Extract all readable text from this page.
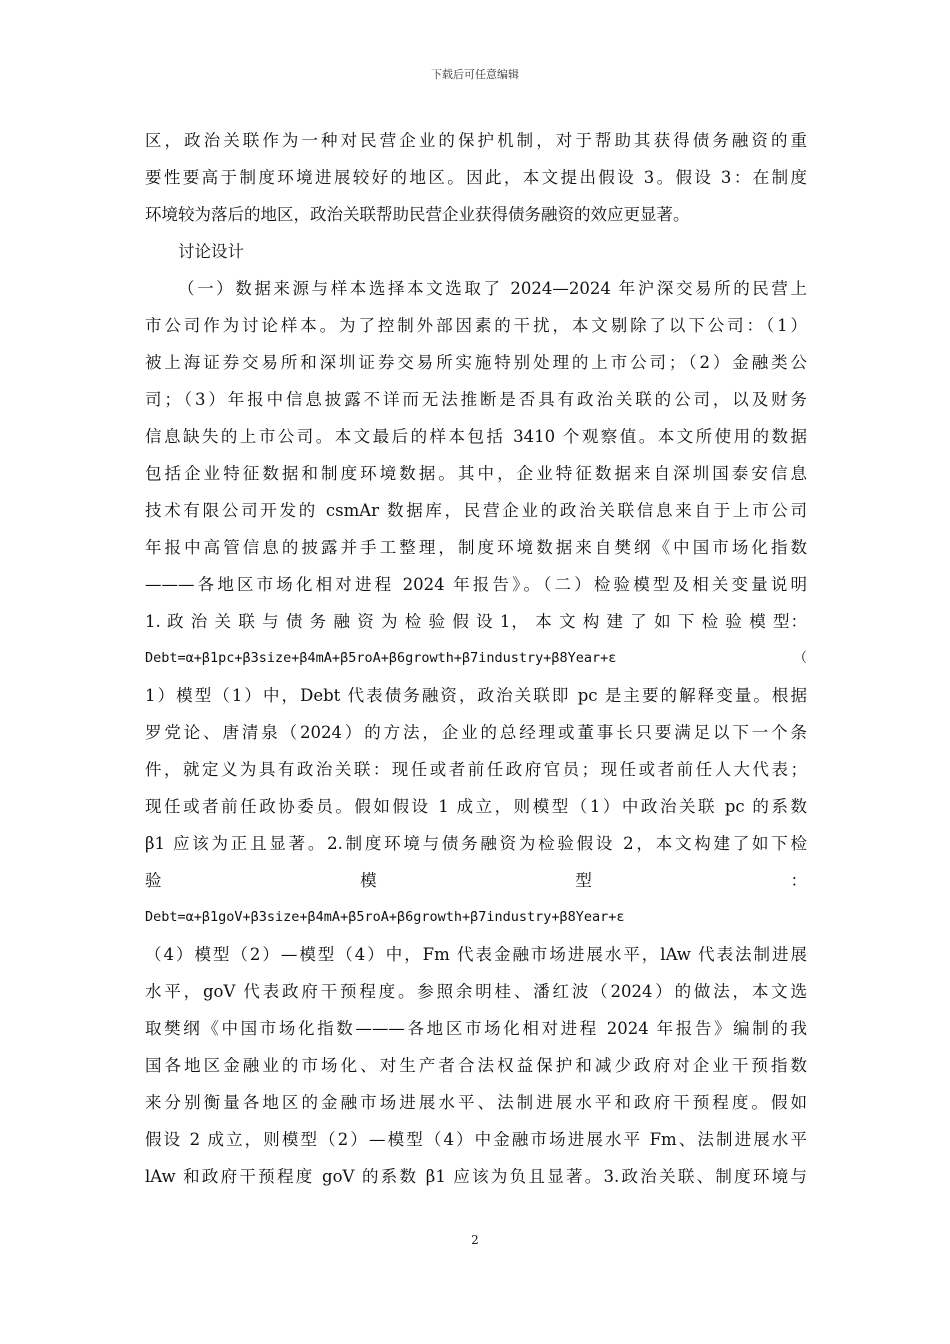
下载后可任意编辑
区，政治关联作为一种对民营企业的保护机制，对于帮助其获得债务融资的重
要性要高于制度环境进展较好的地区。因此，本文提出假设 3。假设 3：在制度
环境较为落后的地区，政治关联帮助民营企业获得债务融资的效应更显著。
讨论设计
（一）数据来源与样本选择本文选取了 2024—2024 年沪深交易所的民营上
市公司作为讨论样本。为了控制外部因素的干扰，本文剔除了以下公司：（1）
被上海证券交易所和深圳证券交易所实施特别处理的上市公司；（2）金融类公
司；（3）年报中信息披露不详而无法推断是否具有政治关联的公司，以及财务
信息缺失的上市公司。本文最后的样本包括 3410 个观察值。本文所使用的数据
包括企业特征数据和制度环境数据。其中，企业特征数据来自深圳国泰安信息
技术有限公司开发的 csmAr 数据库，民营企业的政治关联信息来自于上市公司
年报中高管信息的披露并手工整理，制度环境数据来自樊纲《中国市场化指数
———各地区市场化相对进程 2024 年报告》。（二）检验模型及相关变量说明
1. 政 治 关 联 与 债 务 融 资 为 检 验 假 设 1， 本 文 构 建 了 如 下 检 验 模 型：
Debt=α+β1pc+β3size+β4mA+β5roA+β6growth+β7industry+β8Year+ε （
1）模型（1）中，Debt 代表债务融资，政治关联即 pc 是主要的解释变量。根据
罗党论、唐清泉（2024）的方法，企业的总经理或董事长只要满足以下一个条
件，就定义为具有政治关联：现任或者前任政府官员；现任或者前任人大代表；
现任或者前任政协委员。假如假设 1 成立，则模型（1）中政治关联 pc 的系数
β1 应该为正且显著。2.制度环境与债务融资为检验假设 2，本文构建了如下检
验　　　　　　　　　模　　　　　　　　　型　　　　　　　　　：
Debt=α+β1goV+β3size+β4mA+β5roA+β6growth+β7industry+β8Year+ε
（4）模型（2）—模型（4）中，Fm 代表金融市场进展水平，lAw 代表法制进展
水平，goV 代表政府干预程度。参照余明桂、潘红波（2024）的做法，本文选
取樊纲《中国市场化指数———各地区市场化相对进程 2024 年报告》编制的我
国各地区金融业的市场化、对生产者合法权益保护和减少政府对企业干预指数
来分别衡量各地区的金融市场进展水平、法制进展水平和政府干预程度。假如
假设 2 成立，则模型（2）—模型（4）中金融市场进展水平 Fm、法制进展水平
lAw 和政府干预程度 goV 的系数 β1 应该为负且显著。3.政治关联、制度环境与
2
